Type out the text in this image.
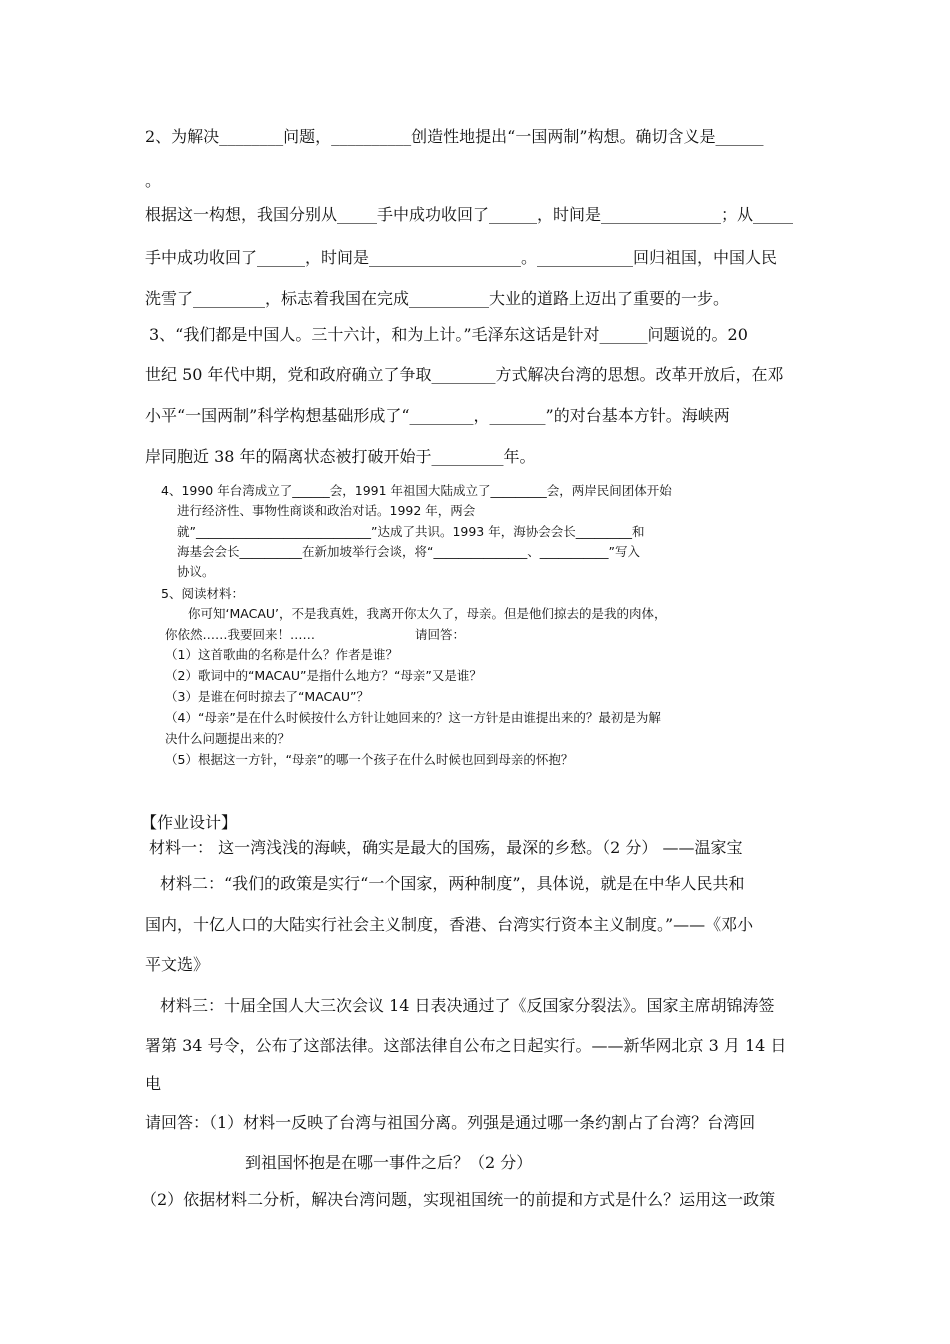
2、为解决________问题，__________创造性地提出“一国两制”构想。确切含义是______
。
根据这一构想，我国分别从_____手中成功收回了______，时间是_______________；从_____
手中成功收回了______，时间是___________________。____________回归祖国，中国人民
洗雪了_________，标志着我国在完成__________大业的道路上迈出了重要的一步。
3、“我们都是中国人。三十六计，和为上计。”毛泽东这话是针对______问题说的。20
世纪 50 年代中期，党和政府确立了争取________方式解决台湾的思想。改革开放后，在邓
小平“一国两制”科学构想基础形成了“________，_______”的对台基本方针。海峡两
岸同胞近 38 年的隔离状态被打破开始于_________年。
4、1990 年台湾成立了______会，1991 年祖国大陆成立了_________会，两岸民间团体开始
进行经济性、事物性商谈和政治对话。1992 年，两会
就”____________________________”达成了共识。1993 年，海协会会长_________和
海基会会长__________在新加坡举行会谈，将“_______________、___________”写入
协议。
5、阅读材料：
你可知‘MACAU’，不是我真姓，我离开你太久了，母亲。但是他们掠去的是我的肉体，
你依然……我要回来！……	请回答：
（1）这首歌曲的名称是什么？作者是谁？
（2）歌词中的“MACAU”是指什么地方？“母亲”又是谁？
（3）是谁在何时掠去了“MACAU”？
（4）“母亲”是在什么时候按什么方针让她回来的？这一方针是由谁提出来的？最初是为解
决什么问题提出来的？
（5）根据这一方针，“母亲”的哪一个孩子在什么时候也回到母亲的怀抱？
【作业设计】
材料一： 这一湾浅浅的海峡，确实是最大的国殇，最深的乡愁。（2 分） ——温家宝
材料二：“我们的政策是实行“一个国家，两种制度”，具体说，就是在中华人民共和
国内，十亿人口的大陆实行社会主义制度，香港、台湾实行资本主义制度。”——《邓小
平文选》
材料三：十届全国人大三次会议 14 日表决通过了《反国家分裂法》。国家主席胡锦涛签
署第 34 号令，公布了这部法律。这部法律自公布之日起实行。——新华网北京 3 月 14 日
电
请回答：（1）材料一反映了台湾与祖国分离。列强是通过哪一条约割占了台湾？台湾回
到祖国怀抱是在哪一事件之后？（2 分）
（2）依据材料二分析，解决台湾问题，实现祖国统一的前提和方式是什么？运用这一政策
